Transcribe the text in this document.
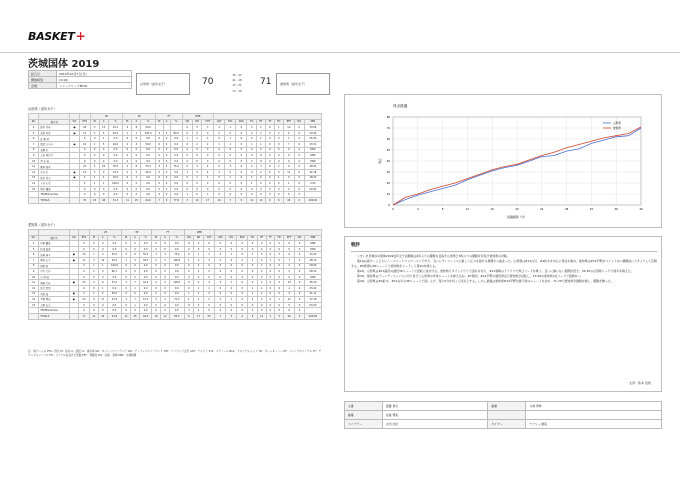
BASKET+
茨城国体 2019
試合日	2019年10月7日(月)
開始時刻	14:00
会場	リリーアリーナMITO	山形県（成年女子）	70
15 - 17
21 - 18
17 - 21
17 - 15
71	愛知県（成年女子）
山形県（成年女子）
				2P			3P			FT			REB												
No.	選手名	GS	PTS	M	A	%	M	A	%	M	A	%	OR	DR	TOT	AST	STL	BLK	TO	PF	TF	FD	EFF	DQ	MIN
4	鈴木 愛佳	●	18	3	13	23.1	4	8	50.0				0	3	3	4	1	0	3	1	0	1	10	0	33:56
5	高田 咲希	●	11	2	5	40.0	1	1	100.0	4	5	80.0	0	0	0	2	0	0	2	2	0	2	6	0	24:26
6	佐 藤 萌		0	0	1	0.0	0	0	0.0	0	0	0.0	1	1	2	0	1	0	0	1	0	0	1	0	05:30
7	渡辺 ひろの	●	10	2	5	40.0	2	4	50.0	0	0	0.0	0	2	2	1	1	0	1	1	0	0	7	0	23:31
8	斎藤 彩		0	0	0	0.0	0	0	0.0	0	0	0.0	0	0	0	0	0	0	0	0	0	0	0	0	DNP
9	上松 亜沙美		0	0	0	0.0	0	0	0.0	0	0	0.0	0	0	0	0	0	0	0	0	0	0	0	0	DNP
10	清 水 麻		0	0	0	0.0	0	0	0.0	0	0	0.0	0	0	0	0	0	0	0	0	0	0	0	0	DNP
11	藤田 瑞希		15	3	10	30.0	2	6	33.3	3	4	75.0	0	4	4	0	3	0	2	3	0	2	9	0	28:42
12	古川 彩	●	12	3	9	33.3	2	5	40.0	0	0	0.0	1	3	4	3	0	0	0	2	0	0	11	0	31:18
13	鈴木 真奈	●	2	1	4	25.0	0	1	0.0	0	0	0.0	0	1	1	0	1	0	2	0	0	1	0	0	18:33
14	大石 有希		2	1	1	100.0	0	0	0.0	0	0	0.0	0	0	0	0	0	0	1	0	0	0	1	0	2:25
15	塩井 優香		0	0	0	0.0	0	0	0.0	0	0	0.0	0	0	0	0	0	0	0	0	0	0	0	0	04:00
	TEAM/Coaches		0	0	0	0.0	0	0	0.0	0	0	0.0	1	0	1	0	0	0	0	0	0	0	0	0	
	TOTALS		70	15	48	31.3	11	25	44.0	7	9	77.8	3	14	17	10	7	0	11	10	0	6	45	0	200:00
愛知県（成年女子）
				2P			3P			FT			REB												
No.	選手名	GS	PTS	M	A	%	M	A	%	M	A	%	OR	DR	TOT	AST	STL	BLK	TO	PF	TF	FD	EFF	DQ	MIN
4	石原 優香		0	0	0	0.0	0	0	0.0	0	0	0.0	0	0	0	0	0	0	0	0	0	0	0	0	DNP
5	杉浦 遥香		0	0	0	0.0	0	0	0.0	0	0	0.0	0	0	0	0	0	0	0	0	0	0	0	0	DNP
6	馬場 典子	●	14	1	4	25.0	3	6	50.0	3	4	75.0	0	1	1	2	1	0	1	3	0	2	9	0	33:43
7	岡田 広美	●	11	3	10	30.0	1	3	33.3	2	2	100.0	1	2	3	0	0	0	1	0	1	0	7	0	28:13
8	伊藤 和		2	1	1	100.0	0	0	0.0	0	0	0.0	0	0	0	0	0	0	0	1	0	0	2	0	00:50
9	中川 美音		4	2	3	66.7	0	0	0.0	0	0	0.0	0	2	2	0	0	0	0	0	0	0	5	0	08:12
10	小 林 綾		0	0	0	0.0	0	0	0.0	0	0	0.0	0	0	0	0	0	0	0	0	0	0	0	0	DNP
11	須崎 美佳	●	15	2	6	33.3	3	7	42.9	2	2	100.0	0	4	4	3	1	0	2	2	0	2	13	0	36:29
12	坂井 恵梨		0	0	1	0.0	0	1	0.0	0	0	0.0	0	1	1	0	0	0	1	1	0	0	-1	0	03:44
13	石原 遥	●	2	1	2	50.0	0	0	0.0	0	0	0.0	1	1	2	0	0	0	1	1	0	0	2	0	21:11
14	平野 理沙	●	23	4	17	23.5	4	7	57.1	3	4	75.0	1	4	5	2	1	0	2	3	0	1	12	0	37:18
15	上野 杏奈		0	0	0	0.0	0	1	0.0	0	0	0.0	0	0	0	0	0	0	0	0	0	0	0	0	03:20
	TEAM/Coaches		0	0	0	0.0	0	0	0.0	0	0	0.0	3	2	5	0	0	0	0	0	0	0	0	0	
	TOTALS		71	14	44	31.8	11	25	44.0	10	12	83.3	6	17	23	7	3	0	8	11	1	5	49	0	200:00
注：両チームの PTS：得点 M：成功 A：試投 %：成功率 OR：オフェンスリバウンド DR：ディフェンスリバウンド TOT：リバウンド合計 AST：アシスト STL：スティール BLK：ブロックショット TO：ターンオーバー PF：パーソナルファウル TF：テクニカルファウル FD：ファウルを受けた回数 EFF：貢献度 DQ：失格・退場 MIN：出場時間
得点経過
0
10
20
30
40
50
60
70
80
0	4	8	12	16	20	24	28	32	36	40
経過時間（分）
得点
山形県
愛知県
戦評

いきいき茨城ゆめ国体2019成年女子決勝戦は6年ぶりの優勝を目指す山形県と8年ぶりの優勝を目指す愛知県の対戦。

第1Qは両チームともにハーフコートマンツーマンで守り、互いにディフェンスに厳しく圧力を掛ける展開から始まった。山形県は#11古川、#4鈴木を中心に得点を重ね、愛知県は#14平野がペイント内へ積極的にアタックして応戦する。#6馬場の3Pシュートで愛知県がリードして第1Qを終える。

第2Q、山形県は#11藤田の連続3Pシュートで逆転に成功する。愛知県もタイムアウトで流れを切り、#11須崎のドライブで再びリードを奪う。互いに譲らない展開が続き、36-35の山形県リードで前半を終えた。

第3Q、愛知県はゾーンディフェンスに切り替えて山形県の外角シュートを抑え込む。#7岡田、#14平野の連続得点で愛知県が逆転し、53-56の愛知県3点リードで最終Qへ。

第4Q、山形県は#4鈴木、#12古川の3Pシュートで追い上げ、残り2分を切って同点とする。しかし最後は愛知県#14平野が値千金のシュートを沈め、71-70で愛知県が激戦を制し、優勝を飾った。

文責：熊本 直知
主審	渡邊 真志	副審	大城 秀典
副審	佐藤 博美		
スコアラー	永田 友紀	タイマー	ヤブシュ 健哉
